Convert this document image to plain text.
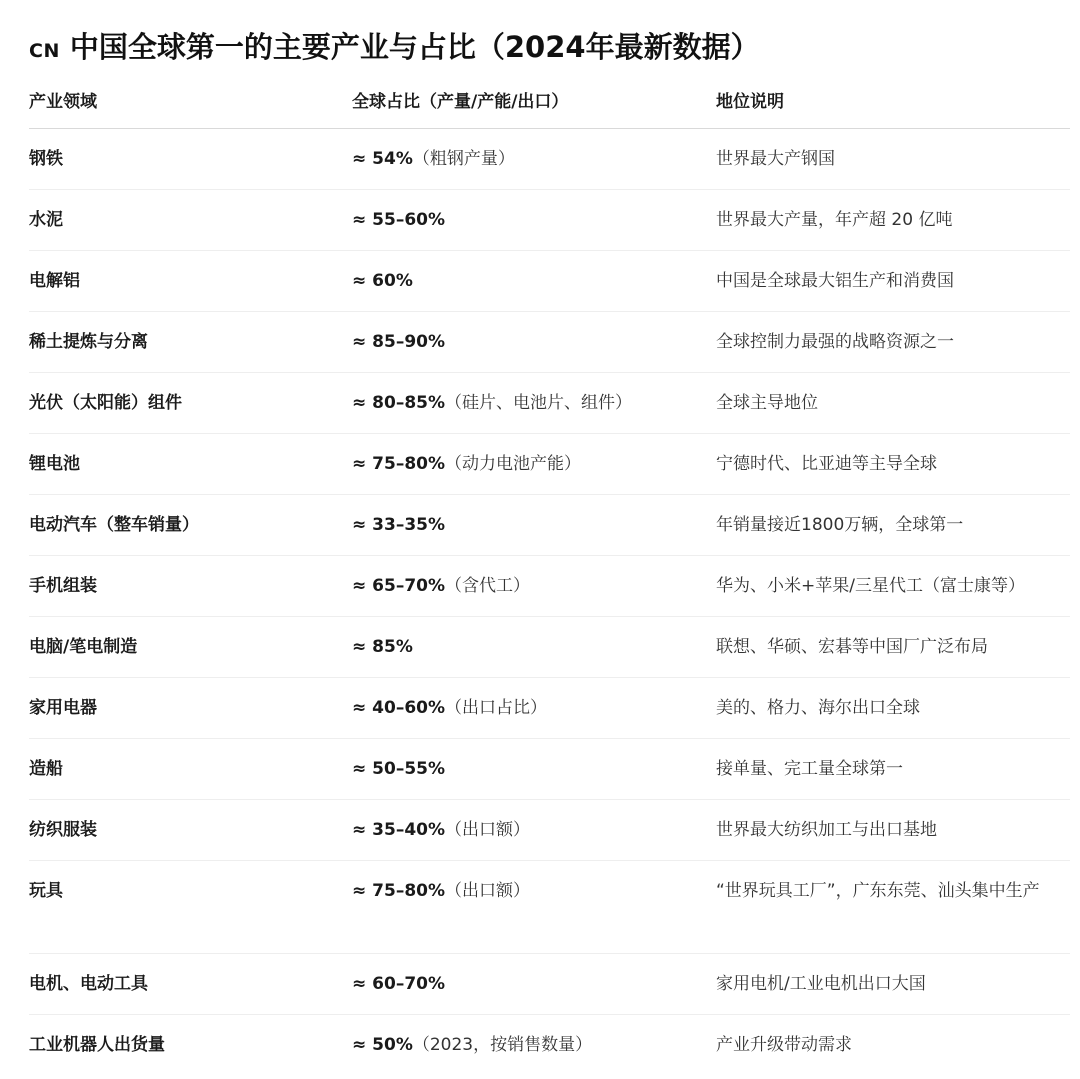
CN 中国全球第一的主要产业与占比（2024年最新数据）
产业领域	全球占比（产量/产能/出口）	地位说明
钢铁	≈ 54%（粗钢产量）	世界最大产钢国
水泥	≈ 55–60%	世界最大产量，年产超 20 亿吨
电解铝	≈ 60%	中国是全球最大铝生产和消费国
稀土提炼与分离	≈ 85–90%	全球控制力最强的战略资源之一
光伏（太阳能）组件	≈ 80–85%（硅片、电池片、组件）	全球主导地位
锂电池	≈ 75–80%（动力电池产能）	宁德时代、比亚迪等主导全球
电动汽车（整车销量）	≈ 33–35%	年销量接近1800万辆，全球第一
手机组装	≈ 65–70%（含代工）	华为、小米+苹果/三星代工（富士康等）
电脑/笔电制造	≈ 85%	联想、华硕、宏碁等中国厂广泛布局
家用电器	≈ 40–60%（出口占比）	美的、格力、海尔出口全球
造船	≈ 50–55%	接单量、完工量全球第一
纺织服装	≈ 35–40%（出口额）	世界最大纺织加工与出口基地
玩具	≈ 75–80%（出口额）	“世界玩具工厂”，广东东莞、汕头集中生产
电机、电动工具	≈ 60–70%	家用电机/工业电机出口大国
工业机器人出货量	≈ 50%（2023，按销售数量）	产业升级带动需求
